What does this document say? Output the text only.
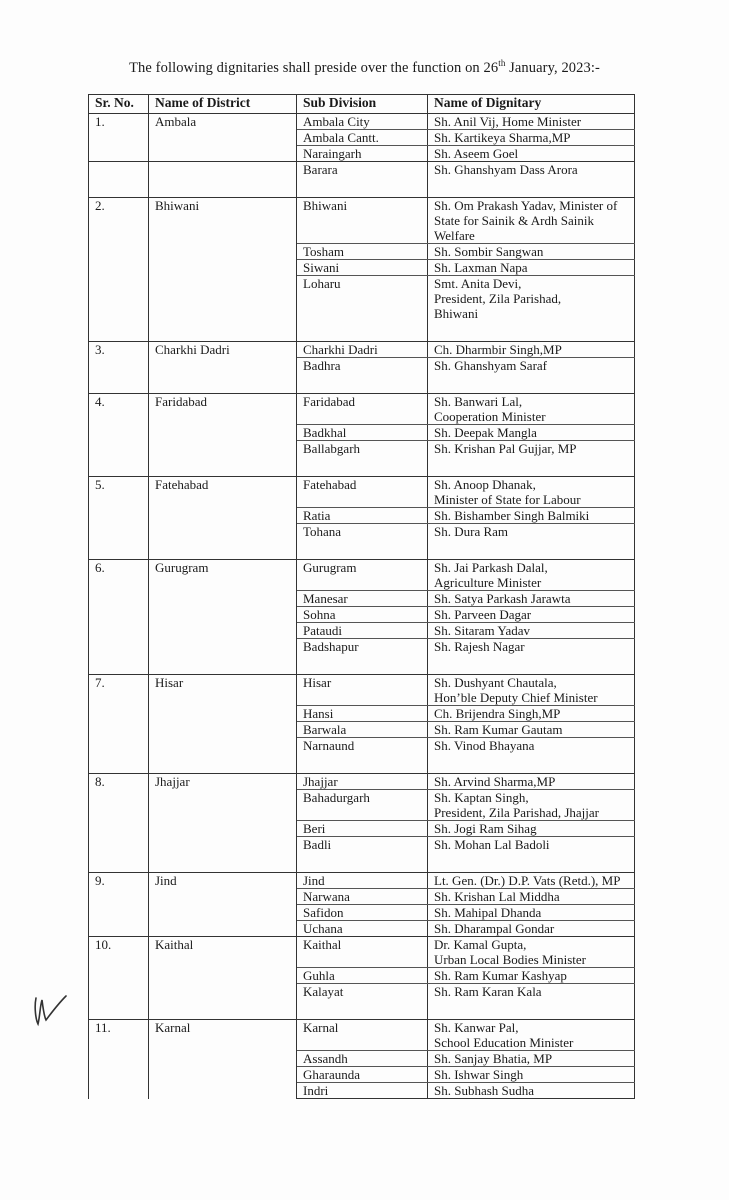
The following dignitaries shall preside over the function on 26th January, 2023:-
Sr. No.	Name of District	Sub Division	Name of Dignitary
1.	Ambala	Ambala City	Sh. Anil Vij, Home Minister
		Ambala Cantt.	Sh. Kartikeya Sharma,MP
		Naraingarh	Sh. Aseem Goel
		Barara	Sh. Ghanshyam Dass Arora
2.	Bhiwani	Bhiwani	Sh. Om Prakash Yadav, Minister of State for Sainik & Ardh Sainik Welfare
		Tosham	Sh. Sombir Sangwan
		Siwani	Sh. Laxman Napa
		Loharu	Smt. Anita Devi,
President, Zila Parishad,
Bhiwani
3.	Charkhi Dadri	Charkhi Dadri	Ch. Dharmbir Singh,MP
		Badhra	Sh. Ghanshyam Saraf
4.	Faridabad	Faridabad	Sh. Banwari Lal,
Cooperation Minister
		Badkhal	Sh. Deepak Mangla
		Ballabgarh	Sh. Krishan Pal Gujjar, MP
5.	Fatehabad	Fatehabad	Sh. Anoop Dhanak,
Minister of State for Labour
		Ratia	Sh. Bishamber Singh Balmiki
		Tohana	Sh. Dura Ram
6.	Gurugram	Gurugram	Sh. Jai Parkash Dalal,
Agriculture Minister
		Manesar	Sh. Satya Parkash Jarawta
		Sohna	Sh. Parveen Dagar
		Pataudi	Sh. Sitaram Yadav
		Badshapur	Sh. Rajesh Nagar
7.	Hisar	Hisar	Sh. Dushyant Chautala,
Hon’ble Deputy Chief Minister
		Hansi	Ch. Brijendra Singh,MP
		Barwala	Sh. Ram Kumar Gautam
		Narnaund	Sh. Vinod Bhayana
8.	Jhajjar	Jhajjar	Sh. Arvind Sharma,MP
		Bahadurgarh	Sh. Kaptan Singh,
President, Zila Parishad, Jhajjar
		Beri	Sh. Jogi Ram Sihag
		Badli	Sh. Mohan Lal Badoli
9.	Jind	Jind	Lt. Gen. (Dr.) D.P. Vats (Retd.), MP
		Narwana	Sh. Krishan Lal Middha
		Safidon	Sh. Mahipal Dhanda
		Uchana	Sh. Dharampal Gondar
10.	Kaithal	Kaithal	Dr. Kamal Gupta,
Urban Local Bodies Minister
		Guhla	Sh. Ram Kumar Kashyap
		Kalayat	Sh. Ram Karan Kala
11.	Karnal	Karnal	Sh. Kanwar Pal,
School Education Minister
		Assandh	Sh. Sanjay Bhatia, MP
		Gharaunda	Sh. Ishwar Singh
		Indri	Sh. Subhash Sudha
